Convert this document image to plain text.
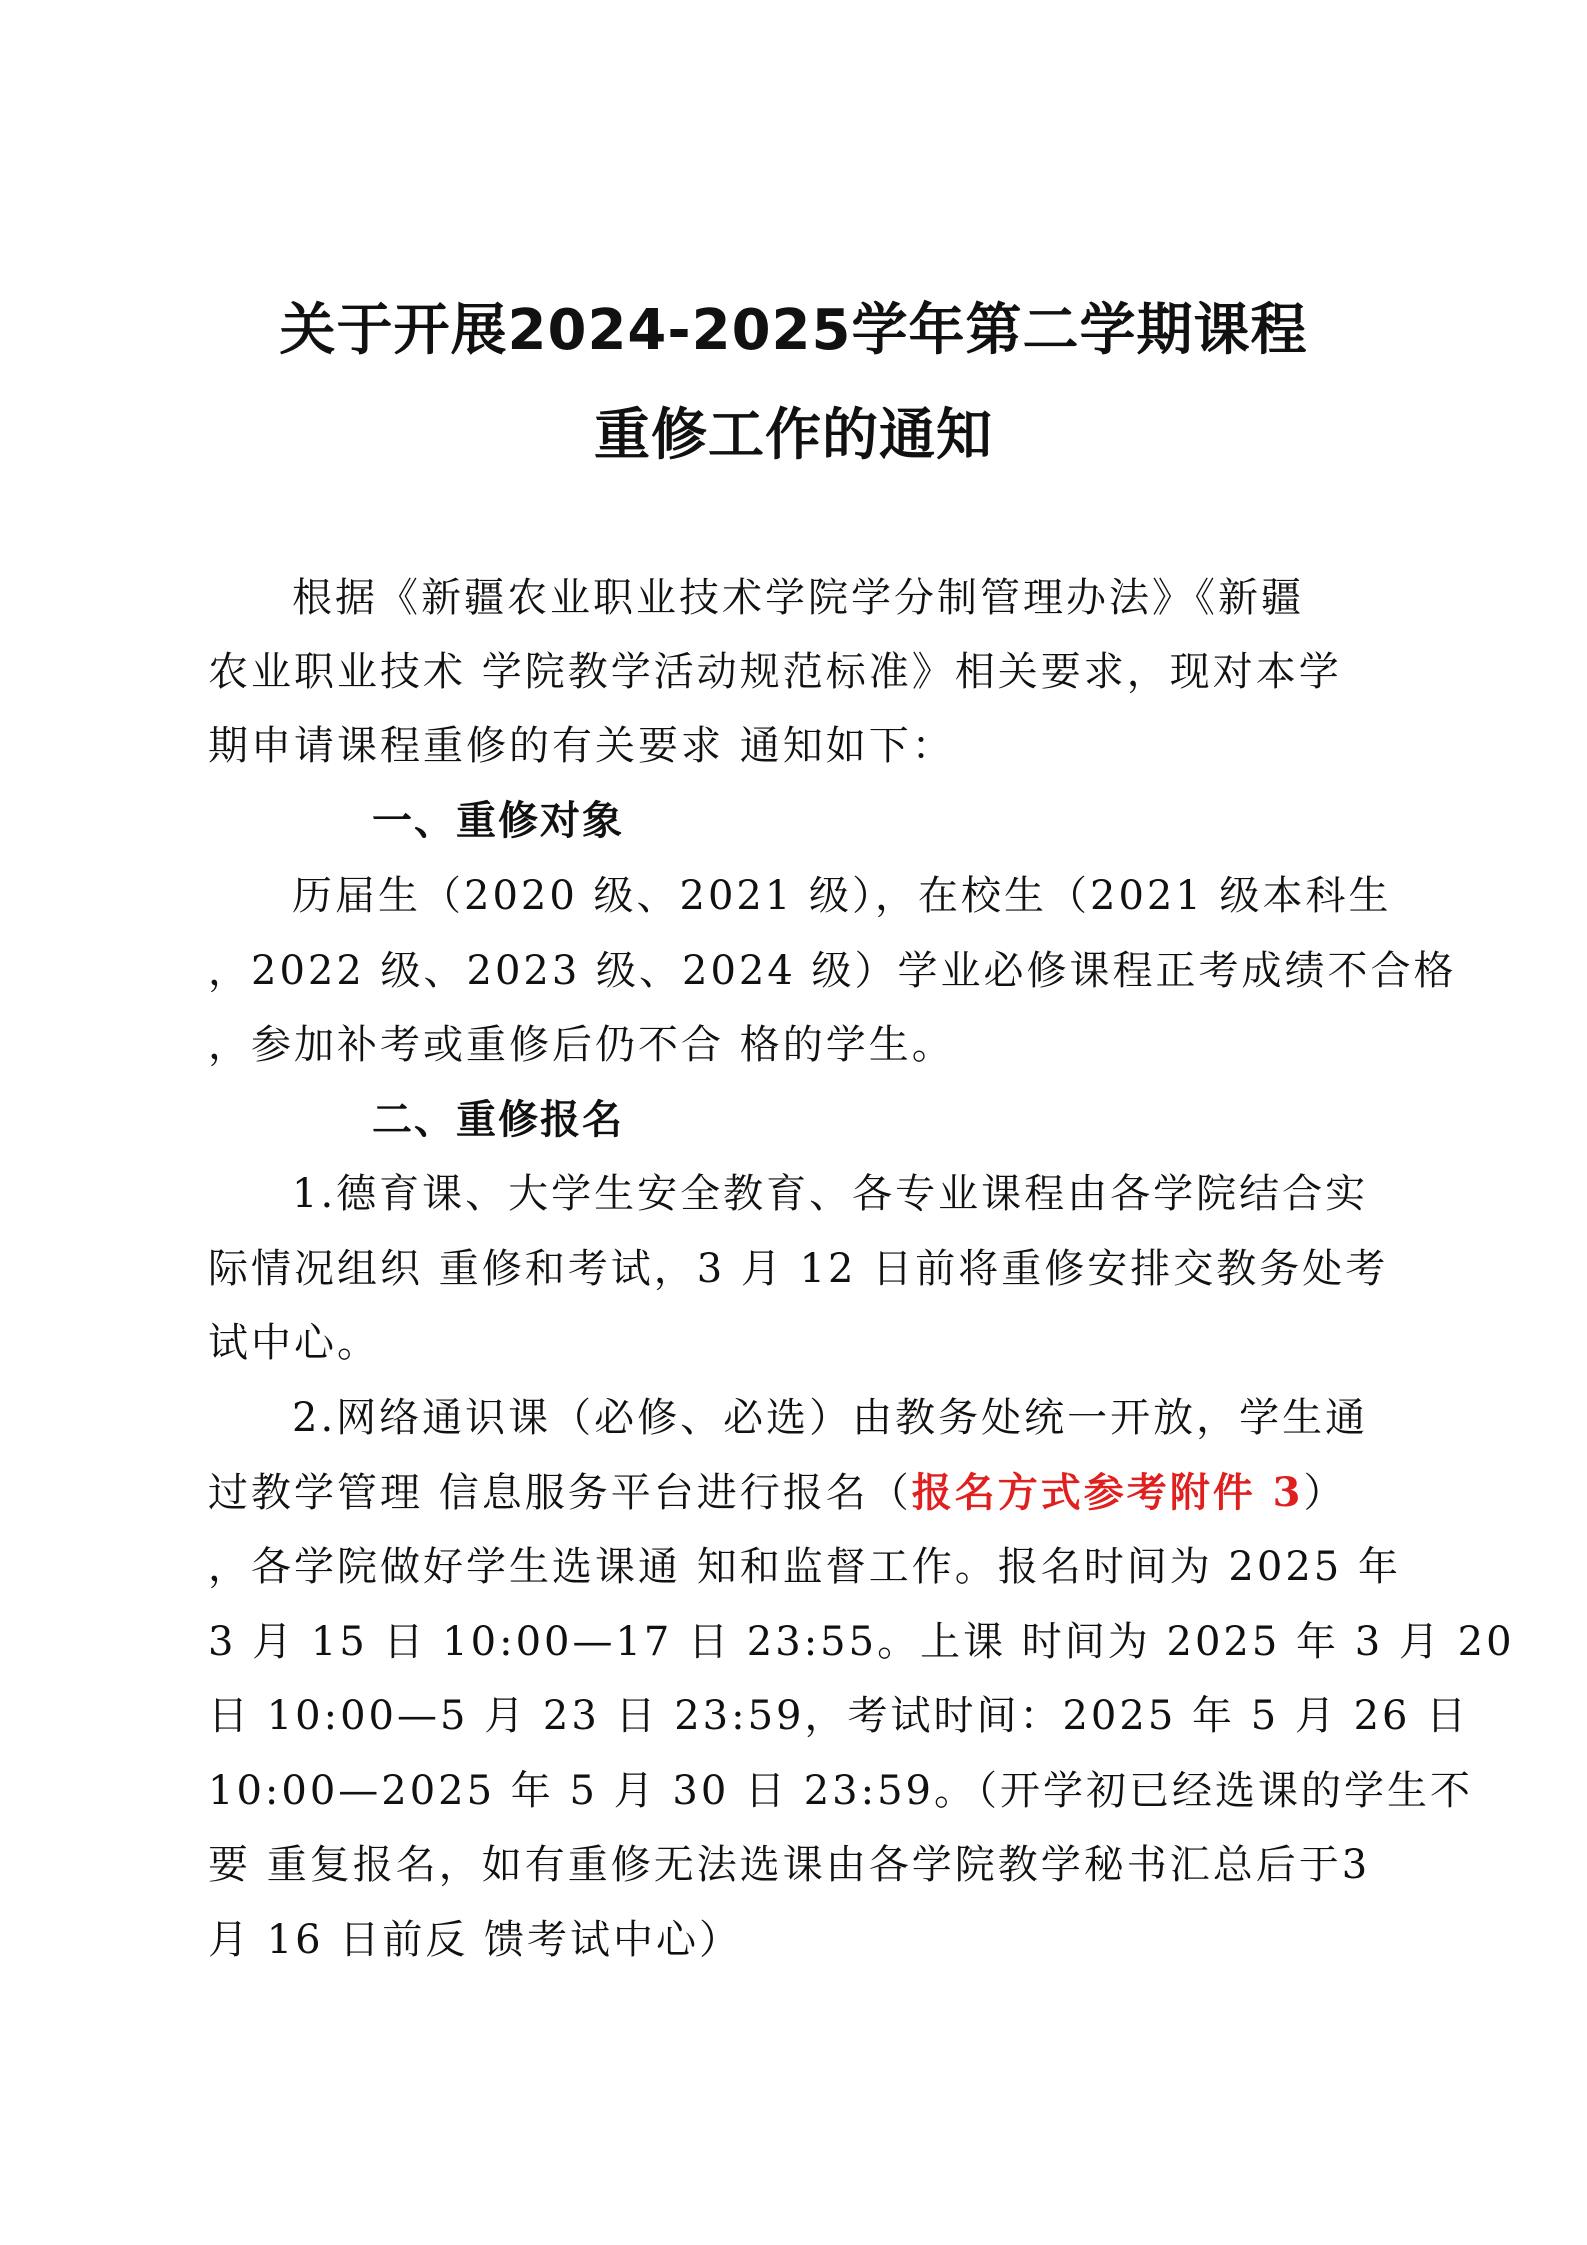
关于开展2024-2025学年第二学期课程
重修工作的通知
根据《新疆农业职业技术学院学分制管理办法》《新疆
农业职业技术 学院教学活动规范标准》相关要求，现对本学
期申请课程重修的有关要求 通知如下：
一、重修对象
历届生（2020 级、2021 级），在校生（2021 级本科生
，2022 级、2023 级、2024 级）学业必修课程正考成绩不合格
，参加补考或重修后仍不合 格的学生。
二、重修报名
1.德育课、大学生安全教育、各专业课程由各学院结合实
际情况组织 重修和考试，3 月 12 日前将重修安排交教务处考
试中心。
2.网络通识课（必修、必选）由教务处统一开放，学生通
过教学管理 信息服务平台进行报名（报名方式参考附件 3）
，各学院做好学生选课通 知和监督工作。报名时间为 2025 年
3 月 15 日 10:00—17 日 23:55。上课 时间为 2025 年 3 月 20
日 10:00—5 月 23 日 23:59，考试时间：2025 年 5 月 26 日
10:00—2025 年 5 月 30 日 23:59。（开学初已经选课的学生不
要 重复报名，如有重修无法选课由各学院教学秘书汇总后于3
月 16 日前反 馈考试中心）
